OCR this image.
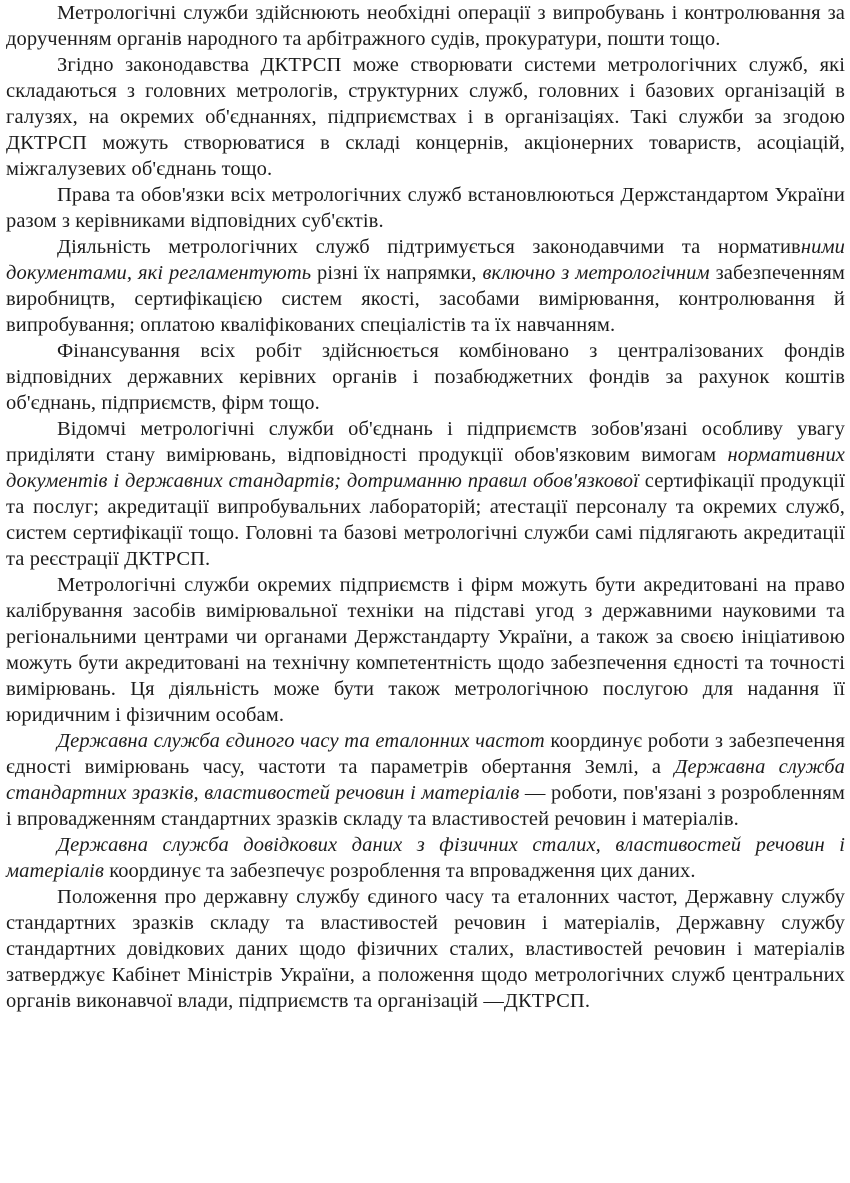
Метрологічні служби здійснюють необхідні операції з випробувань і контролювання за дорученням органів народного та арбітражного судів, прокуратури, пошти тощо.

Згідно законодавства ДКТРСП може створювати системи метрологічних служб, які складаються з головних метрологів, структурних служб, головних і базових організацій в галузях, на окремих об'єднаннях, підприємствах і в організаціях. Такі служби за згодою ДКТРСП можуть створюватися в складі концернів, акціонерних товариств, асоціацій, міжгалузевих об'єднань тощо.

Права та обов'язки всіх метрологічних служб встановлюються Держстандартом України разом з керівниками відповідних суб'єктів.

Діяльність метрологічних служб підтримується законодавчими та нормативними документами, які регламентують різні їх напрямки, включно з метрологічним забезпеченням виробництв, сертифікацією систем якості, засобами вимірювання, контролювання й випробування; оплатою кваліфікованих спеціалістів та їх навчанням.

Фінансування всіх робіт здійснюється комбіновано з централізованих фондів відповідних державних керівних органів і позабюджетних фондів за рахунок коштів об'єднань, підприємств, фірм тощо.

Відомчі метрологічні служби об'єднань і підприємств зобов'язані особливу увагу приділяти стану вимірювань, відповідності продукції обов'язковим вимогам нормативних документів і державних стандартів; дотриманню правил обов'язкової сертифікації продукції та послуг; акредитації випробувальних лабораторій; атестації персоналу та окремих служб, систем сертифікації тощо. Головні та базові метрологічні служби самі підлягають акредитації та реєстрації ДКТРСП.

Метрологічні служби окремих підприємств і фірм можуть бути акредитовані на право калібрування засобів вимірювальної техніки на підставі угод з державними науковими та регіональними центрами чи органами Держстандарту України, а також за своєю ініціативою можуть бути акредитовані на технічну компетентність щодо забезпечення єдності та точності вимірювань. Ця діяльність може бути також метрологічною послугою для надання її юридичним і фізичним особам.

Державна служба єдиного часу та еталонних частот координує роботи з забезпечення єдності вимірювань часу, частоти та параметрів обертання Землі, а Державна служба стандартних зразків, властивостей речовин і матеріалів — роботи, пов'язані з розробленням і впровадженням стандартних зразків складу та властивостей речовин і матеріалів.

Державна служба довідкових даних з фізичних сталих, властивостей речовин і матеріалів координує та забезпечує розроблення та впровадження цих даних.

Положення про державну службу єдиного часу та еталонних частот, Державну службу стандартних зразків складу та властивостей речовин і матеріалів, Державну службу стандартних довідкових даних щодо фізичних сталих, властивостей речовин і матеріалів затверджує Кабінет Міністрів України, а положення щодо метрологічних служб центральних органів виконавчої влади, підприємств та організацій —ДКТРСП.
